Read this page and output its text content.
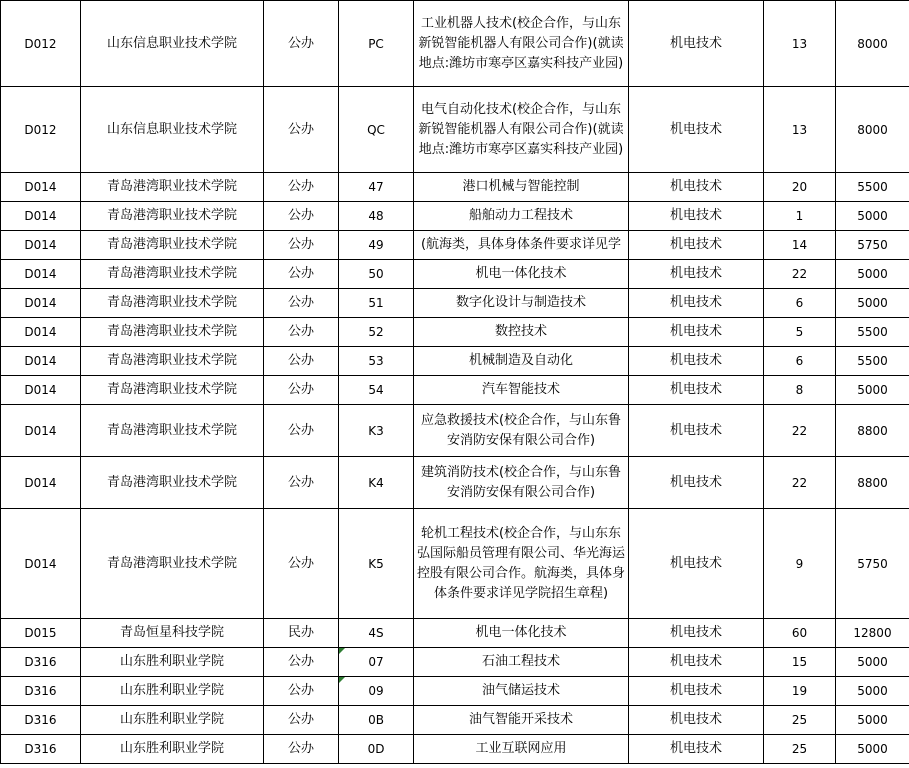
D012	山东信息职业技术学院	公办	PC	工业机器人技术(校企合作，与山东新锐智能机器人有限公司合作)(就读地点:潍坊市寒亭区嘉实科技产业园)	机电技术	13	8000
D012	山东信息职业技术学院	公办	QC	电气自动化技术(校企合作，与山东新锐智能机器人有限公司合作)(就读地点:潍坊市寒亭区嘉实科技产业园)	机电技术	13	8000
D014	青岛港湾职业技术学院	公办	47	港口机械与智能控制	机电技术	20	5500
D014	青岛港湾职业技术学院	公办	48	船舶动力工程技术	机电技术	1	5000
D014	青岛港湾职业技术学院	公办	49	(航海类，具体身体条件要求详见学	机电技术	14	5750
D014	青岛港湾职业技术学院	公办	50	机电一体化技术	机电技术	22	5000
D014	青岛港湾职业技术学院	公办	51	数字化设计与制造技术	机电技术	6	5000
D014	青岛港湾职业技术学院	公办	52	数控技术	机电技术	5	5500
D014	青岛港湾职业技术学院	公办	53	机械制造及自动化	机电技术	6	5500
D014	青岛港湾职业技术学院	公办	54	汽车智能技术	机电技术	8	5000
D014	青岛港湾职业技术学院	公办	K3	应急救援技术(校企合作，与山东鲁安消防安保有限公司合作)	机电技术	22	8800
D014	青岛港湾职业技术学院	公办	K4	建筑消防技术(校企合作，与山东鲁安消防安保有限公司合作)	机电技术	22	8800
D014	青岛港湾职业技术学院	公办	K5	轮机工程技术(校企合作，与山东东弘国际船员管理有限公司、华光海运控股有限公司合作。航海类，具体身体条件要求详见学院招生章程)	机电技术	9	5750
D015	青岛恒星科技学院	民办	4S	机电一体化技术	机电技术	60	12800
D316	山东胜利职业学院	公办	07	石油工程技术	机电技术	15	5000
D316	山东胜利职业学院	公办	09	油气储运技术	机电技术	19	5000
D316	山东胜利职业学院	公办	0B	油气智能开采技术	机电技术	25	5000
D316	山东胜利职业学院	公办	0D	工业互联网应用	机电技术	25	5000
